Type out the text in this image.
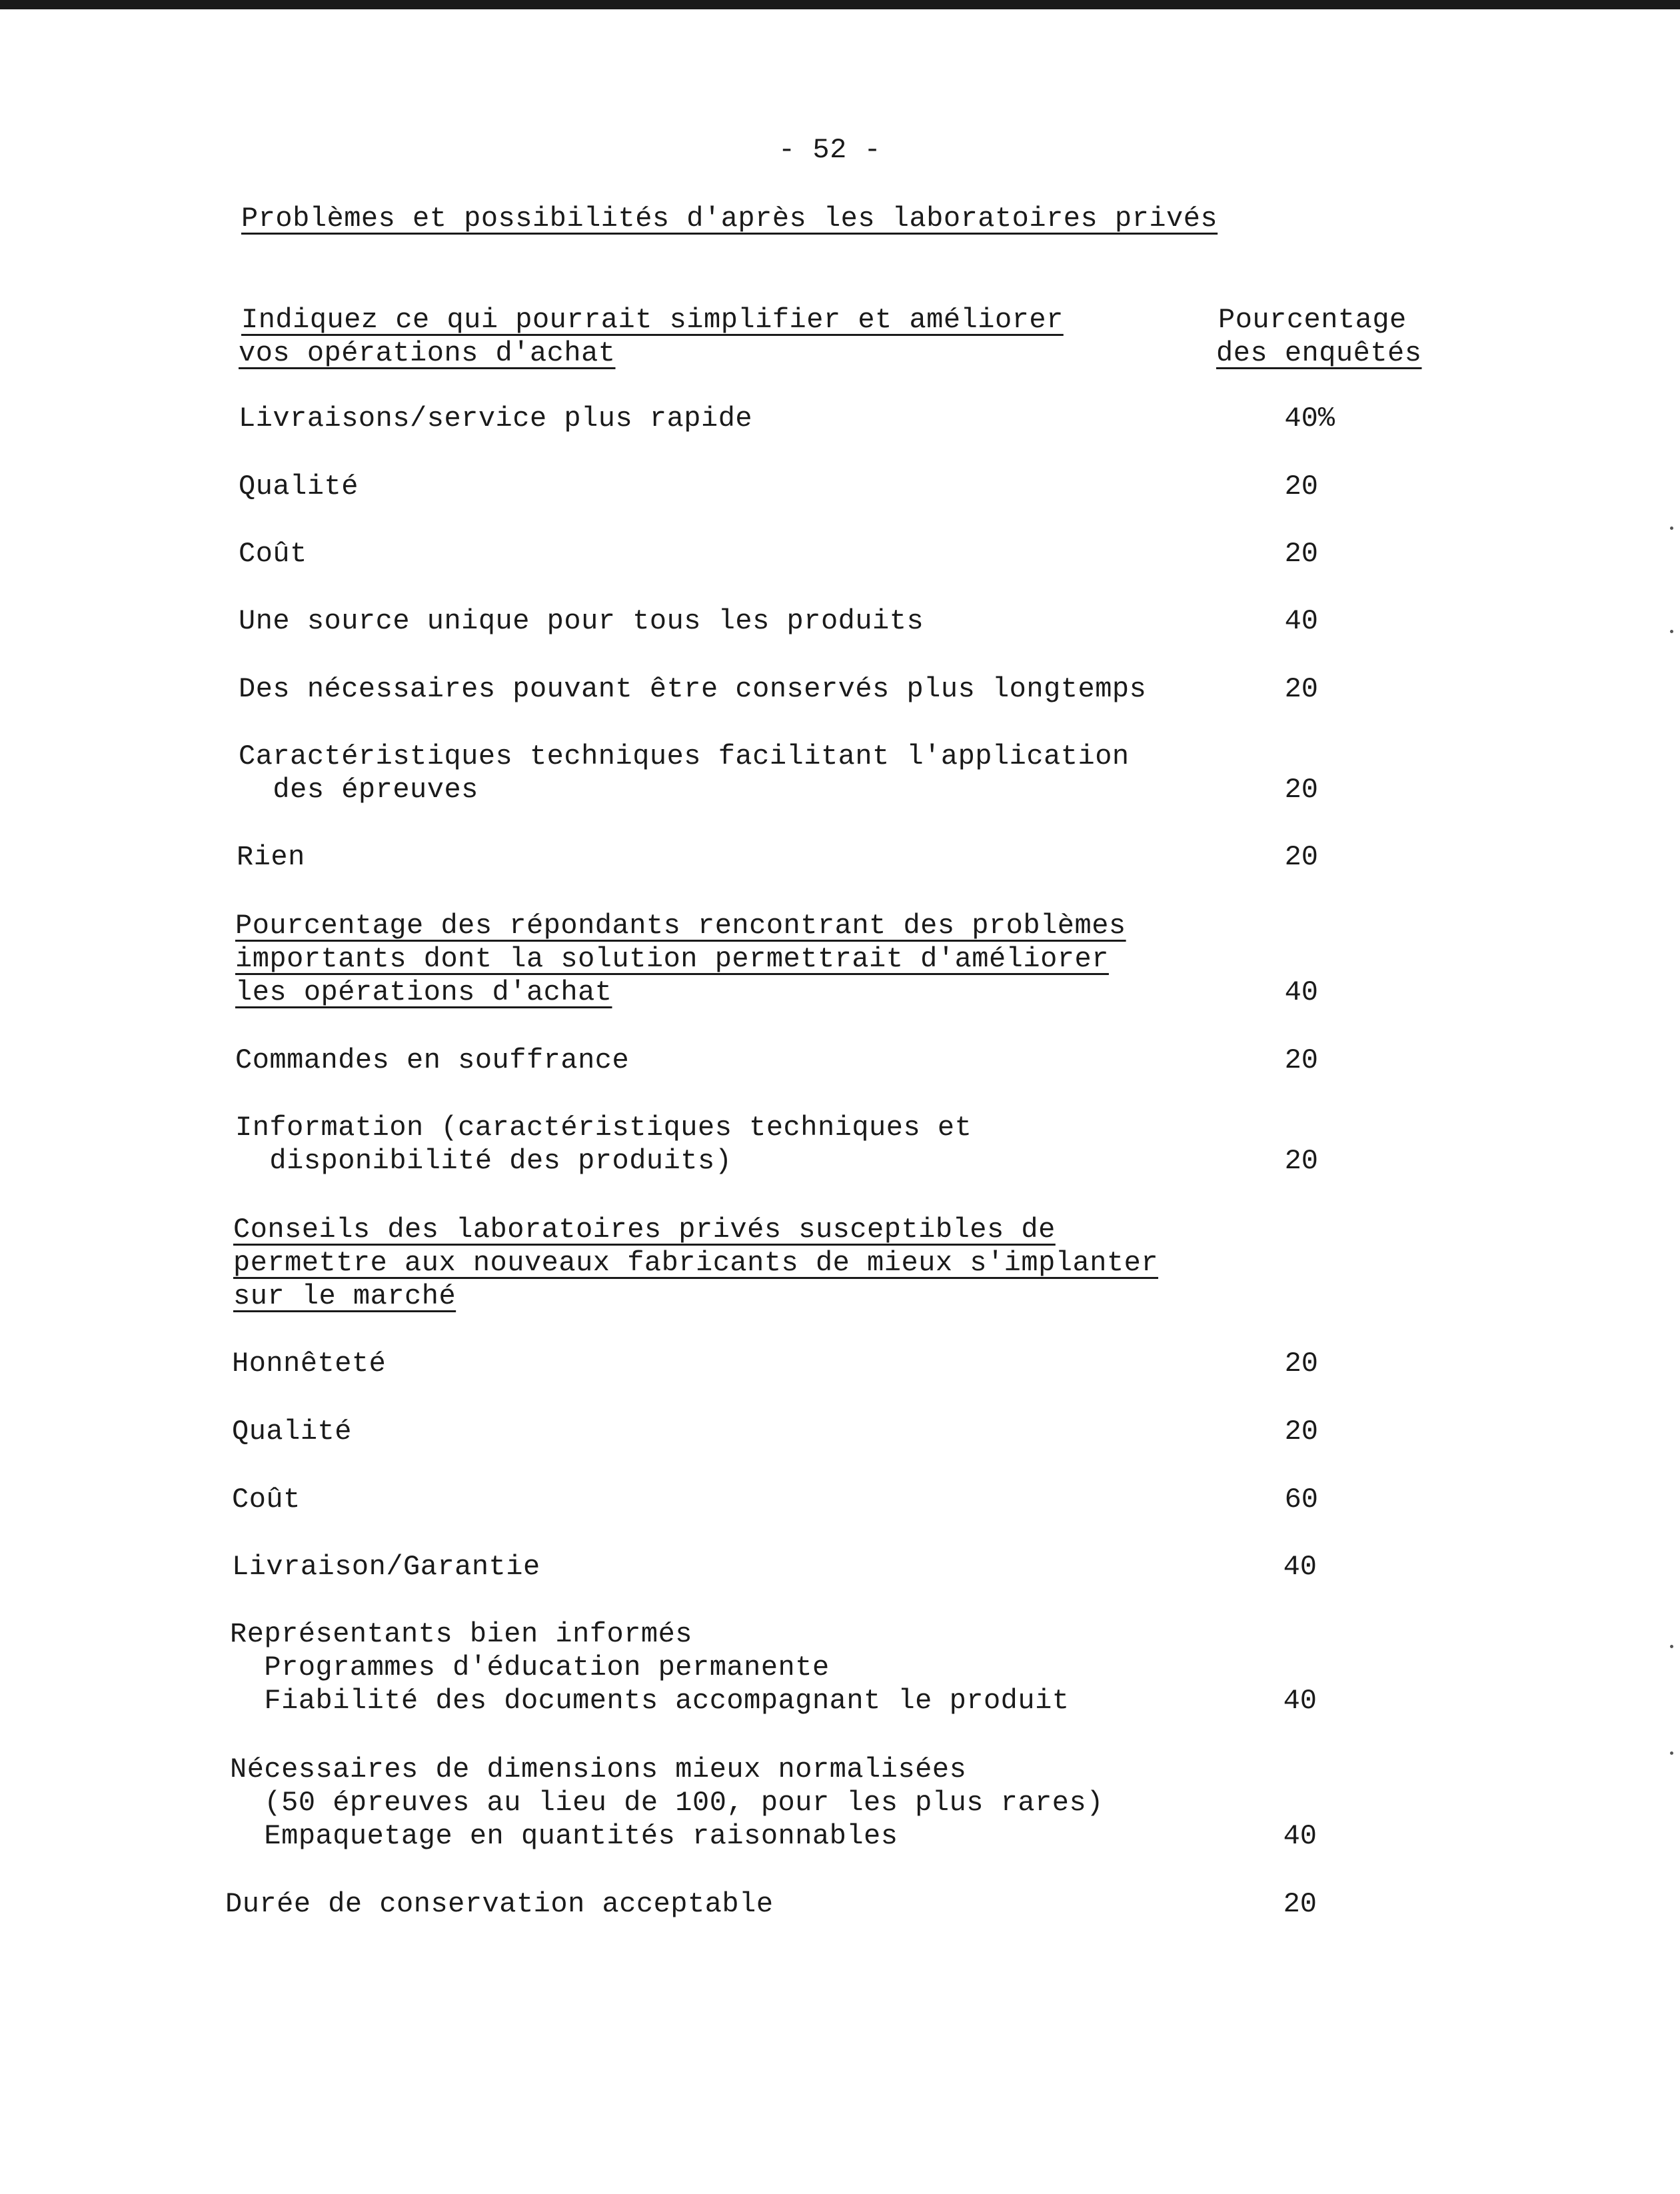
- 52 -
Problèmes et possibilités d'après les laboratoires privés
Indiquez ce qui pourrait simplifier et améliorer
vos opérations d'achat
Pourcentage
des enquêtés
Livraisons/service plus rapide	40%
Qualité	20
Coût	20
Une source unique pour tous les produits	40
Des nécessaires pouvant être conservés plus longtemps	20
Caractéristiques techniques facilitant l'application
des épreuves	20
Rien	20
Pourcentage des répondants rencontrant des problèmes
importants dont la solution permettrait d'améliorer
les opérations d'achat	40
Commandes en souffrance	20
Information (caractéristiques techniques et
disponibilité des produits)	20
Conseils des laboratoires privés susceptibles de
permettre aux nouveaux fabricants de mieux s'implanter
sur le marché
Honnêteté	20
Qualité	20
Coût	60
Livraison/Garantie	40
Représentants bien informés
Programmes d'éducation permanente
Fiabilité des documents accompagnant le produit	40
Nécessaires de dimensions mieux normalisées
(50 épreuves au lieu de 100, pour les plus rares)
Empaquetage en quantités raisonnables	40
Durée de conservation acceptable	20
